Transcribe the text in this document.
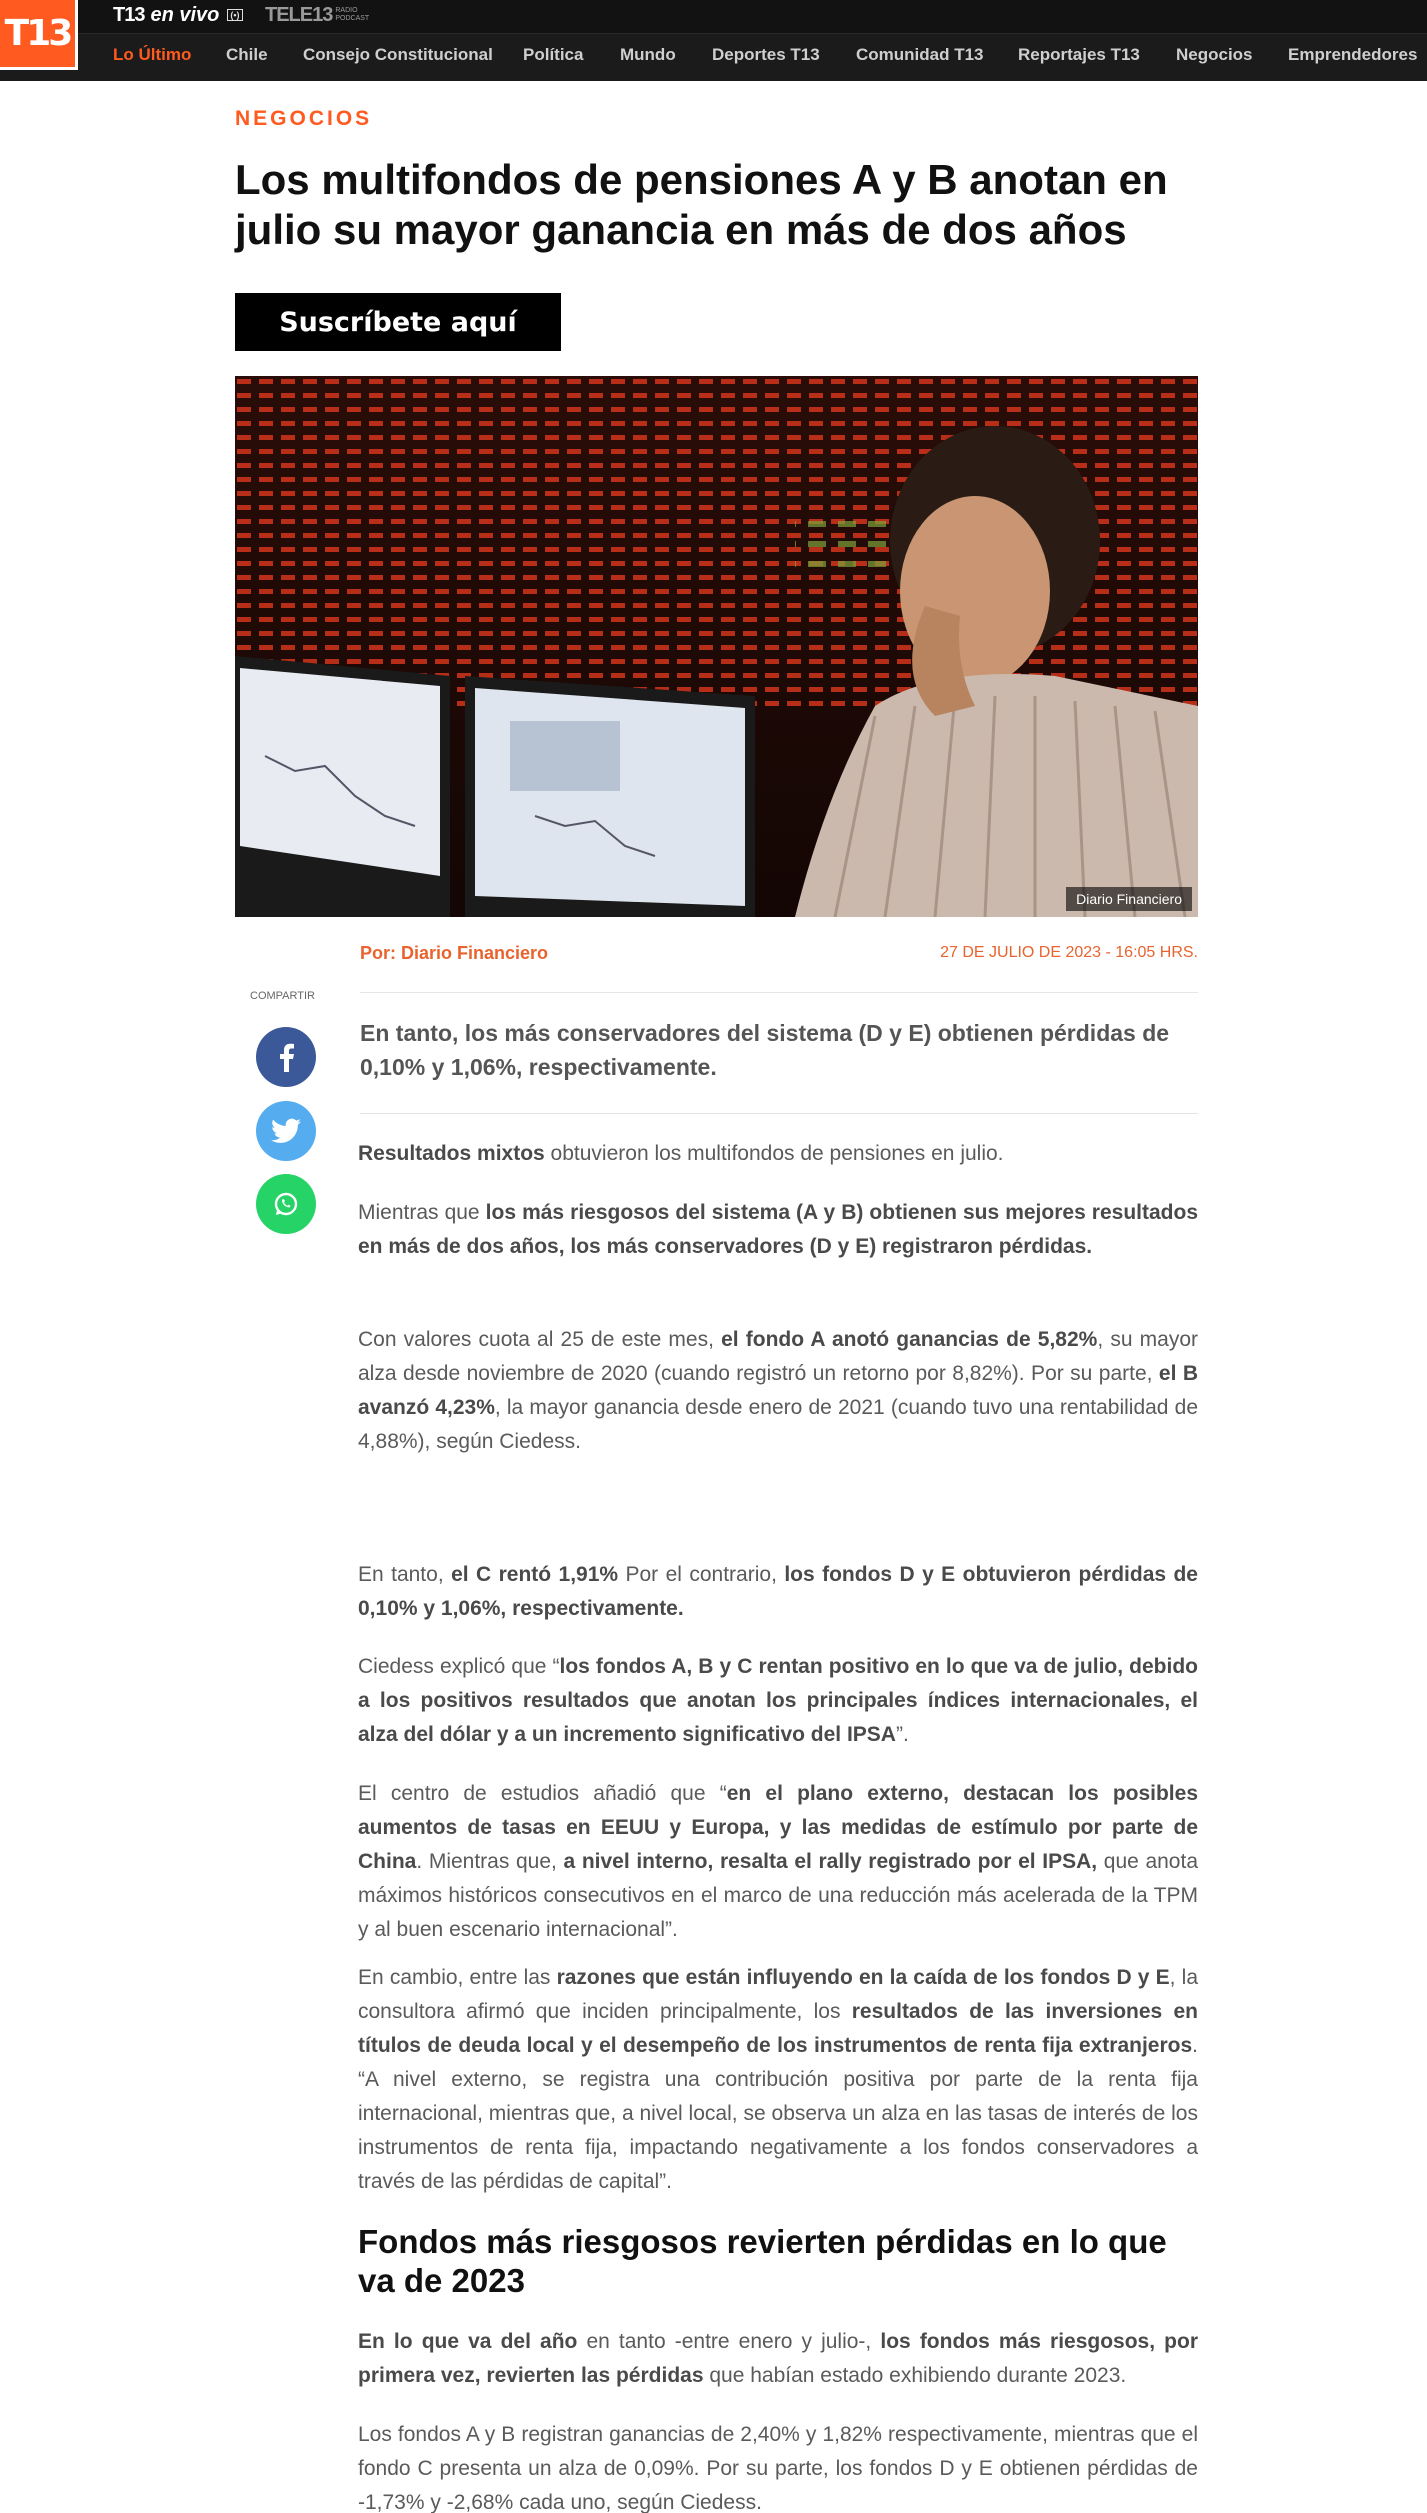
T13 T13 en vivo	(•) TELE13 RADIO
PODCAST
Lo Último Chile Consejo Constitucional Política Mundo Deportes T13 Comunidad T13 Reportajes T13 Negocios Emprendedores
NEGOCIOS
Los multifondos de pensiones A y B anotan en julio su mayor ganancia en más de dos años
Suscríbete aquí
Diario Financiero
Por: Diario Financiero	27 DE JULIO DE 2023 - 16:05 HRS.
COMPARTIR

En tanto, los más conservadores del sistema (D y E) obtienen pérdidas de 0,10% y 1,06%, respectivamente.

Resultados mixtos obtuvieron los multifondos de pensiones en julio.

Mientras que los más riesgosos del sistema (A y B) obtienen sus mejores resultados en más de dos años, los más conservadores (D y E) registraron pérdidas.

Con valores cuota al 25 de este mes, el fondo A anotó ganancias de 5,82%, su mayor alza desde noviembre de 2020 (cuando registró un retorno por 8,82%). Por su parte, el B avanzó 4,23%, la mayor ganancia desde enero de 2021 (cuando tuvo una rentabilidad de 4,88%), según Ciedess.

En tanto, el C rentó 1,91% Por el contrario, los fondos D y E obtuvieron pérdidas de 0,10% y 1,06%, respectivamente.

Ciedess explicó que “los fondos A, B y C rentan positivo en lo que va de julio, debido a los positivos resultados que anotan los principales índices internacionales, el alza del dólar y a un incremento significativo del IPSA”.

El centro de estudios añadió que “en el plano externo, destacan los posibles aumentos de tasas en EEUU y Europa, y las medidas de estímulo por parte de China. Mientras que, a nivel interno, resalta el rally registrado por el IPSA, que anota máximos históricos consecutivos en el marco de una reducción más acelerada de la TPM y al buen escenario internacional”.

En cambio, entre las razones que están influyendo en la caída de los fondos D y E, la consultora afirmó que inciden principalmente, los resultados de las inversiones en títulos de deuda local y el desempeño de los instrumentos de renta fija extranjeros. “A nivel externo, se registra una contribución positiva por parte de la renta fija internacional, mientras que, a nivel local, se observa un alza en las tasas de interés de los instrumentos de renta fija, impactando negativamente a los fondos conservadores a través de las pérdidas de capital”.

Fondos más riesgosos revierten pérdidas en lo que va de 2023

En lo que va del año en tanto -entre enero y julio-, los fondos más riesgosos, por primera vez, revierten las pérdidas que habían estado exhibiendo durante 2023.

Los fondos A y B registran ganancias de 2,40% y 1,82% respectivamente, mientras que el fondo C presenta un alza de 0,09%. Por su parte, los fondos D y E obtienen pérdidas de -1,73% y -2,68% cada uno, según Ciedess.
